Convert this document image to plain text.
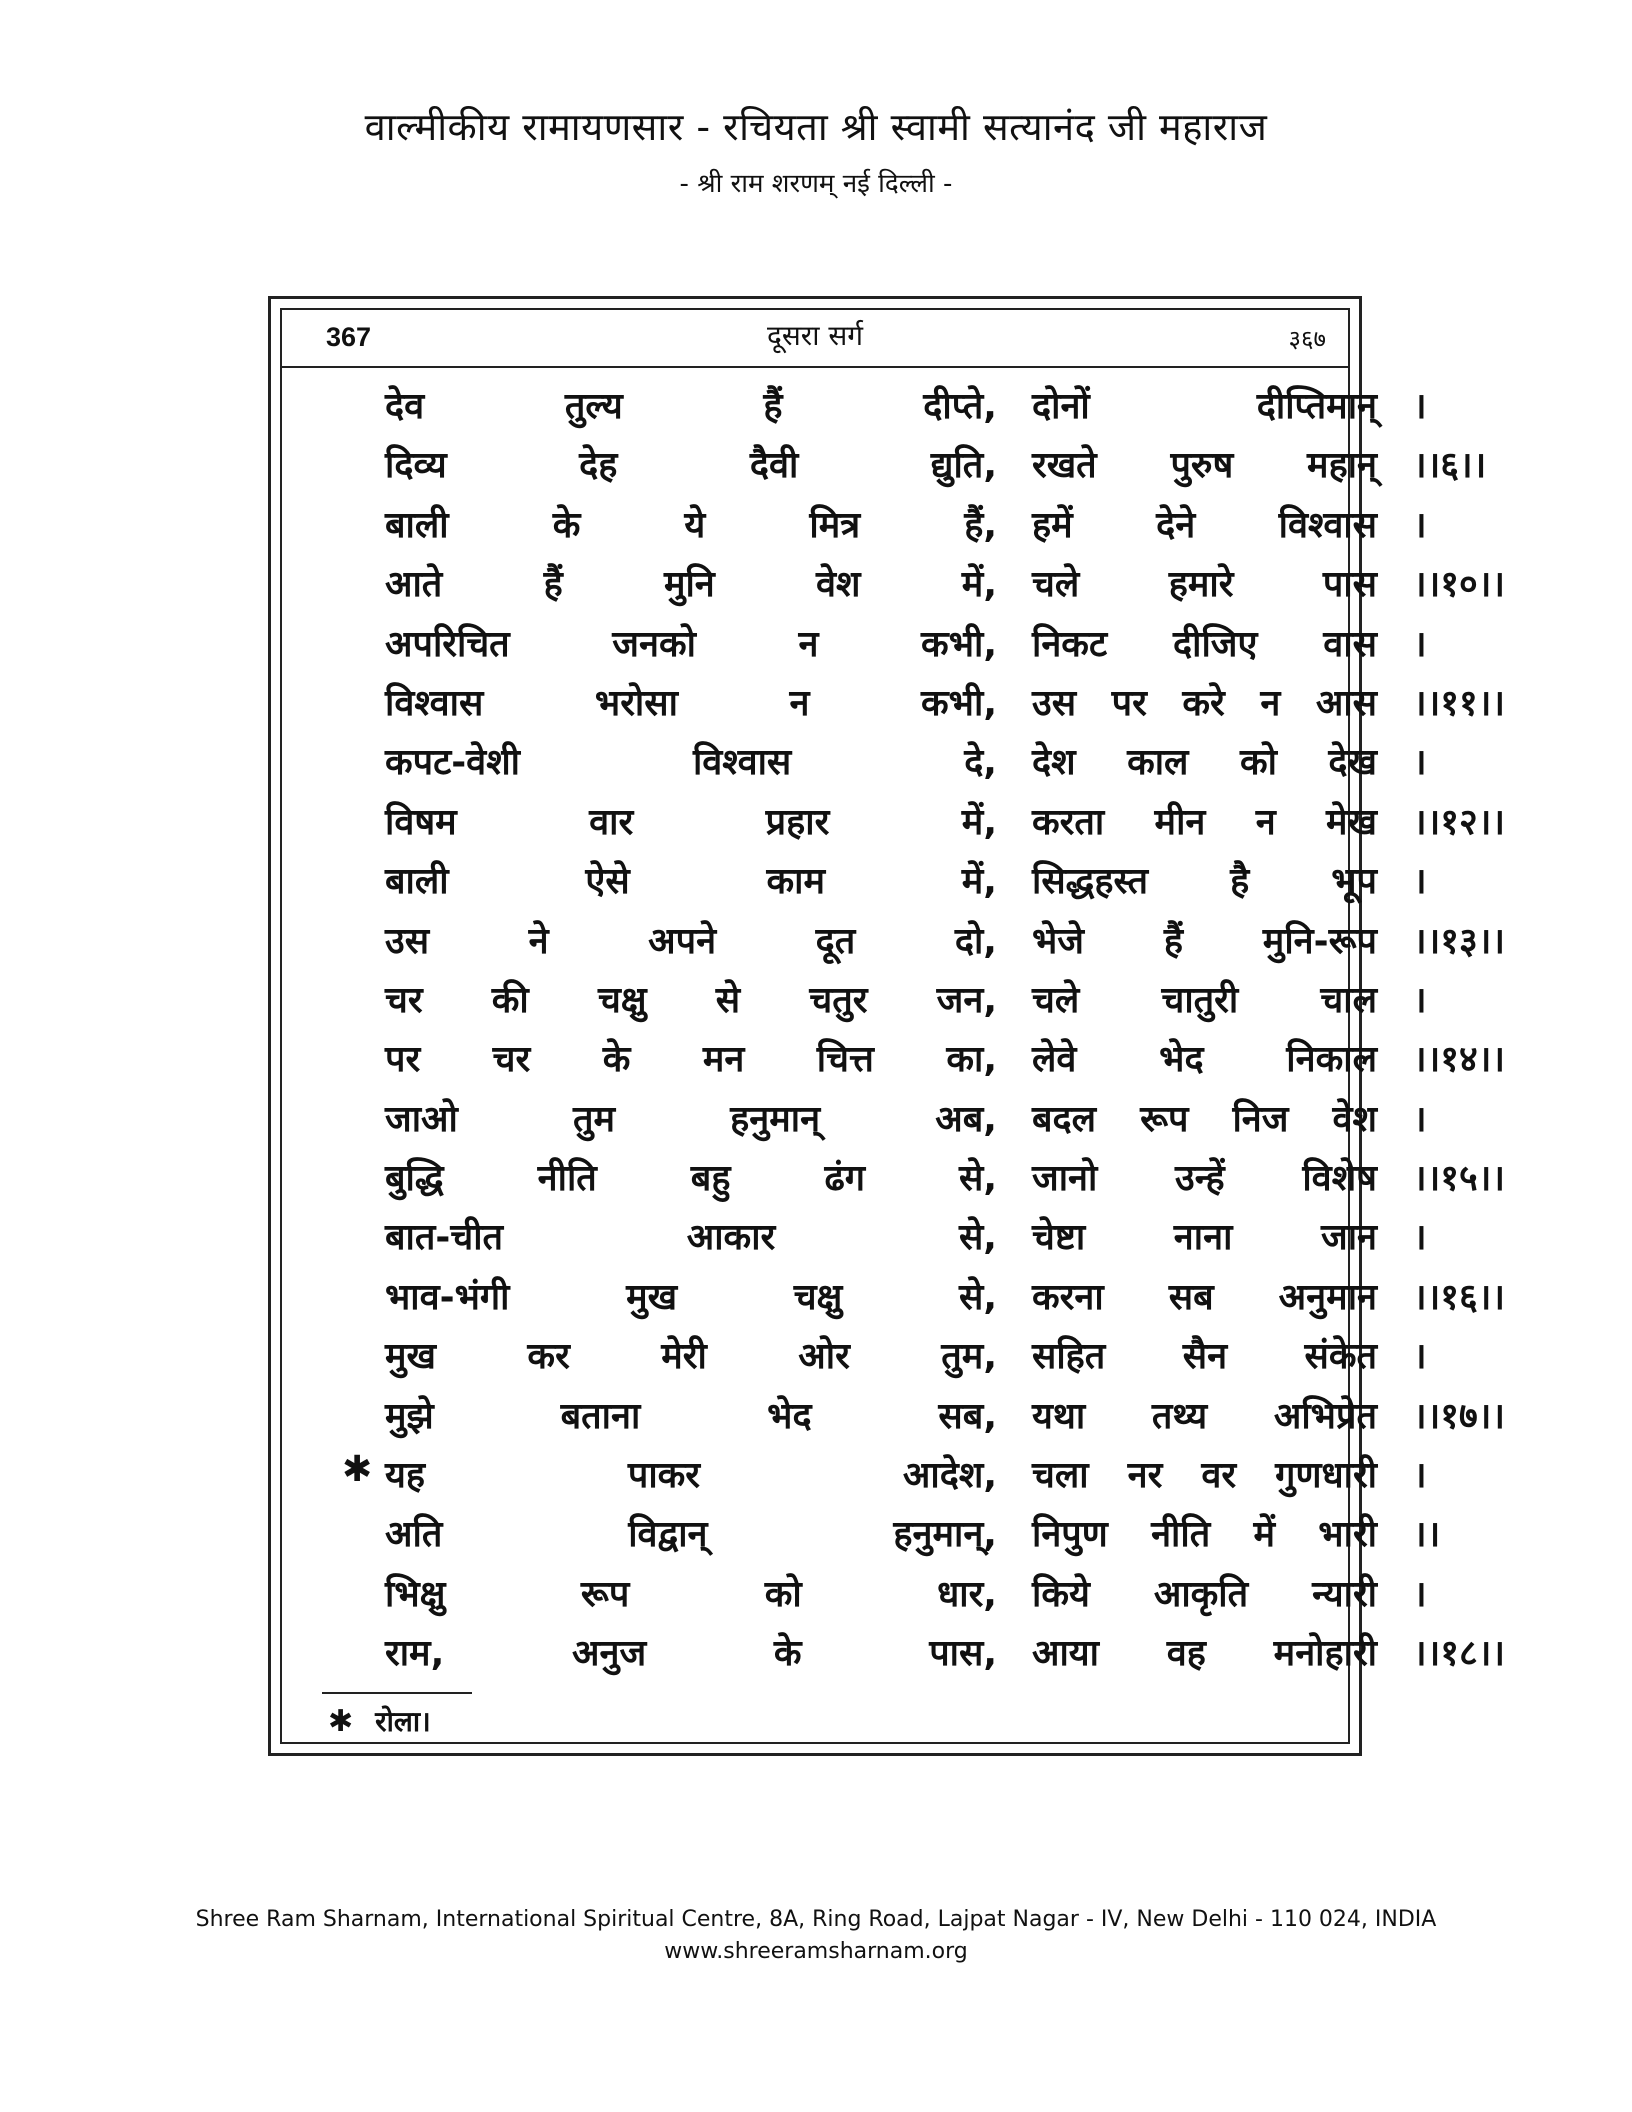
वाल्मीकीय रामायणसार - रचियता श्री स्वामी सत्यानंद जी महाराज
- श्री राम शरणम् नई दिल्ली -
367	दूसरा सर्ग	३६७
देव तुल्य हैं दीप्ते, दोनों दीप्तिमान् ।
दिव्य देह दैवी द्युति, रखते पुरुष महान् ।।६।।
बाली के ये मित्र हैं, हमें देने विश्वास ।
आते हैं मुनि वेश में, चले हमारे पास ।।१०।।
अपरिचित जनको न कभी, निकट दीजिए वास ।
विश्वास भरोसा न कभी, उस पर करे न आस ।।११।।
कपट-वेशी विश्वास दे, देश काल को देख ।
विषम वार प्रहार में, करता मीन न मेख ।।१२।।
बाली ऐसे काम में, सिद्धहस्त है भूप ।
उस ने अपने दूत दो, भेजे हैं मुनि-रूप ।।१३।।
चर की चक्षु से चतुर जन, चले चातुरी चाल ।
पर चर के मन चित्त का, लेवे भेद निकाल ।।१४।।
जाओ तुम हनुमान् अब, बदल रूप निज वेश ।
बुद्धि नीति बहु ढंग से, जानो उन्हें विशेष ।।१५।।
बात-चीत आकार से, चेष्टा नाना जान ।
भाव-भंगी मुख चक्षु से, करना सब अनुमान ।।१६।।
मुख कर मेरी ओर तुम, सहित सैन संकेत ।
मुझे बताना भेद सब, यथा तथ्य अभिप्रेत ।।१७।।
✱ यह पाकर आदेश, चला नर वर गुणधारी ।
अति विद्वान् हनुमान्, निपुण नीति में भारी ।।
भिक्षु रूप को धार, किये आकृति न्यारी ।
राम, अनुज के पास, आया वह मनोहारी ।।१८।।
✱ रोला।
Shree Ram Sharnam, International Spiritual Centre, 8A, Ring Road, Lajpat Nagar - IV, New Delhi - 110 024, INDIA
www.shreeramsharnam.org
